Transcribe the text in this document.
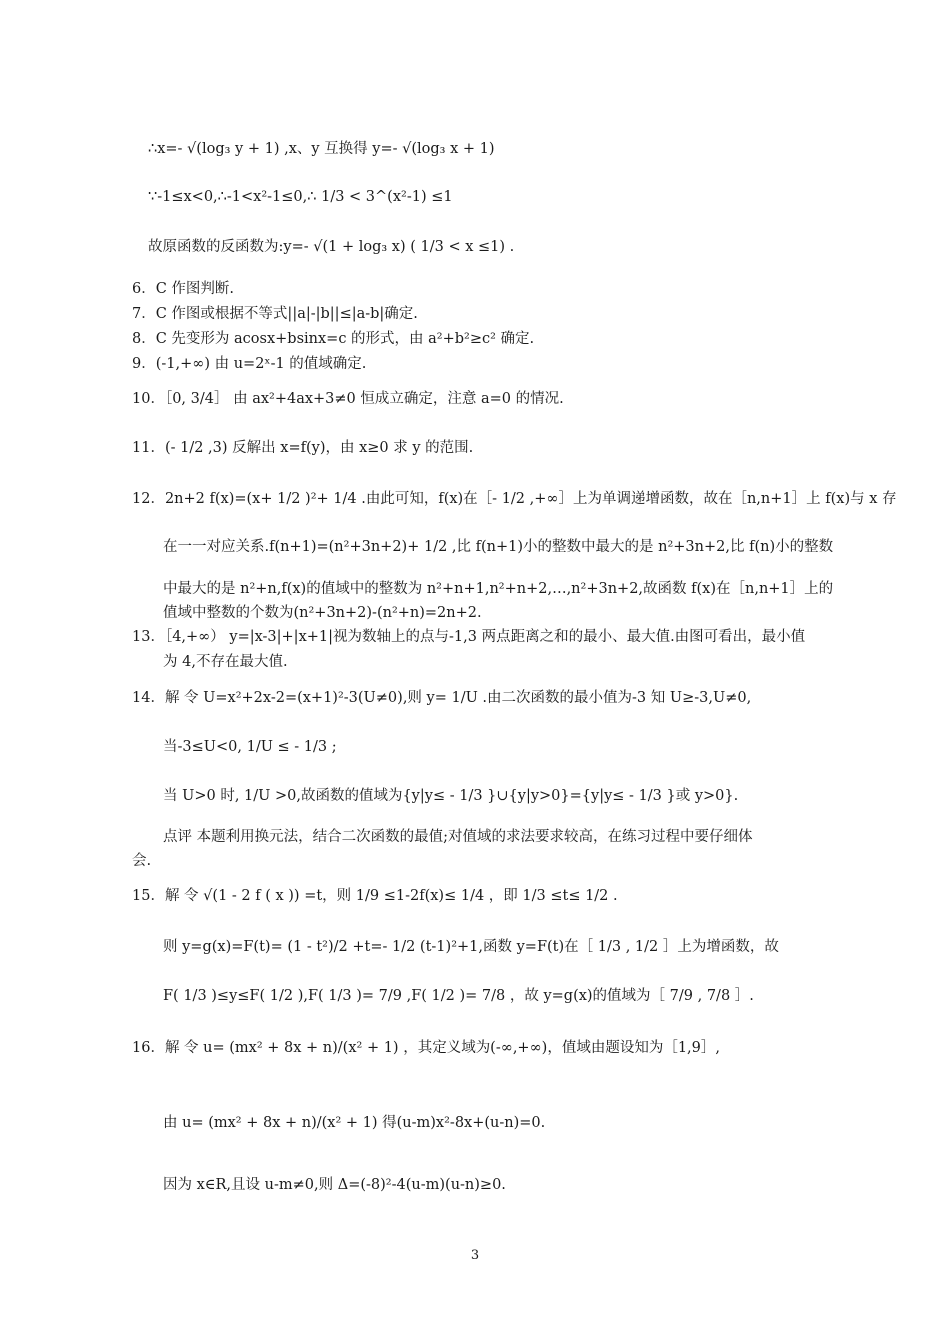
∴x=- √(log₃ y + 1) ,x、y 互换得 y=- √(log₃ x + 1)
∵-1≤x<0,∴-1<x²-1≤0,∴ 1/3 < 3^(x²-1) ≤1
故原函数的反函数为:y=- √(1 + log₃ x) ( 1/3 < x ≤1) .
6．C 作图判断.
7．C 作图或根据不等式||a|-|b||≤|a-b|确定.
8．C 先变形为 acosx+bsinx=c 的形式，由 a²+b²≥c² 确定.
9．(-1,+∞) 由 u=2ˣ-1 的值域确定.
10．［0, 3/4］ 由 ax²+4ax+3≠0 恒成立确定，注意 a=0 的情况.
11．(- 1/2 ,3) 反解出 x=f(y)，由 x≥0 求 y 的范围.
12．2n+2 f(x)=(x+ 1/2 )²+ 1/4 .由此可知，f(x)在［- 1/2 ,+∞］上为单调递增函数，故在［n,n+1］上 f(x)与 x 存
在一一对应关系.f(n+1)=(n²+3n+2)+ 1/2 ,比 f(n+1)小的整数中最大的是 n²+3n+2,比 f(n)小的整数
中最大的是 n²+n,f(x)的值域中的整数为 n²+n+1,n²+n+2,…,n²+3n+2,故函数 f(x)在［n,n+1］上的
值域中整数的个数为(n²+3n+2)-(n²+n)=2n+2.
13．［4,+∞） y=|x-3|+|x+1|视为数轴上的点与-1,3 两点距离之和的最小、最大值.由图可看出，最小值
为 4,不存在最大值.
14．解 令 U=x²+2x-2=(x+1)²-3(U≠0),则 y= 1/U .由二次函数的最小值为-3 知 U≥-3,U≠0,
当-3≤U<0, 1/U ≤ - 1/3 ;
当 U>0 时, 1/U >0,故函数的值域为{y|y≤ - 1/3 }∪{y|y>0}={y|y≤ - 1/3 }或 y>0}.
点评 本题利用换元法，结合二次函数的最值;对值域的求法要求较高，在练习过程中要仔细体
会.
15．解 令 √(1 - 2 f ( x )) =t，则 1/9 ≤1-2f(x)≤ 1/4 ，即 1/3 ≤t≤ 1/2 .
则 y=g(x)=F(t)= (1 - t²)/2 +t=- 1/2 (t-1)²+1,函数 y=F(t)在［ 1/3 , 1/2 ］上为增函数，故
F( 1/3 )≤y≤F( 1/2 ),F( 1/3 )= 7/9 ,F( 1/2 )= 7/8 ，故 y=g(x)的值域为［ 7/9 , 7/8 ］.
16．解 令 u= (mx² + 8x + n)/(x² + 1) ，其定义域为(-∞,+∞)，值域由题设知为［1,9］,
由 u= (mx² + 8x + n)/(x² + 1) 得(u-m)x²-8x+(u-n)=0.
因为 x∈R,且设 u-m≠0,则 Δ=(-8)²-4(u-m)(u-n)≥0.
3
